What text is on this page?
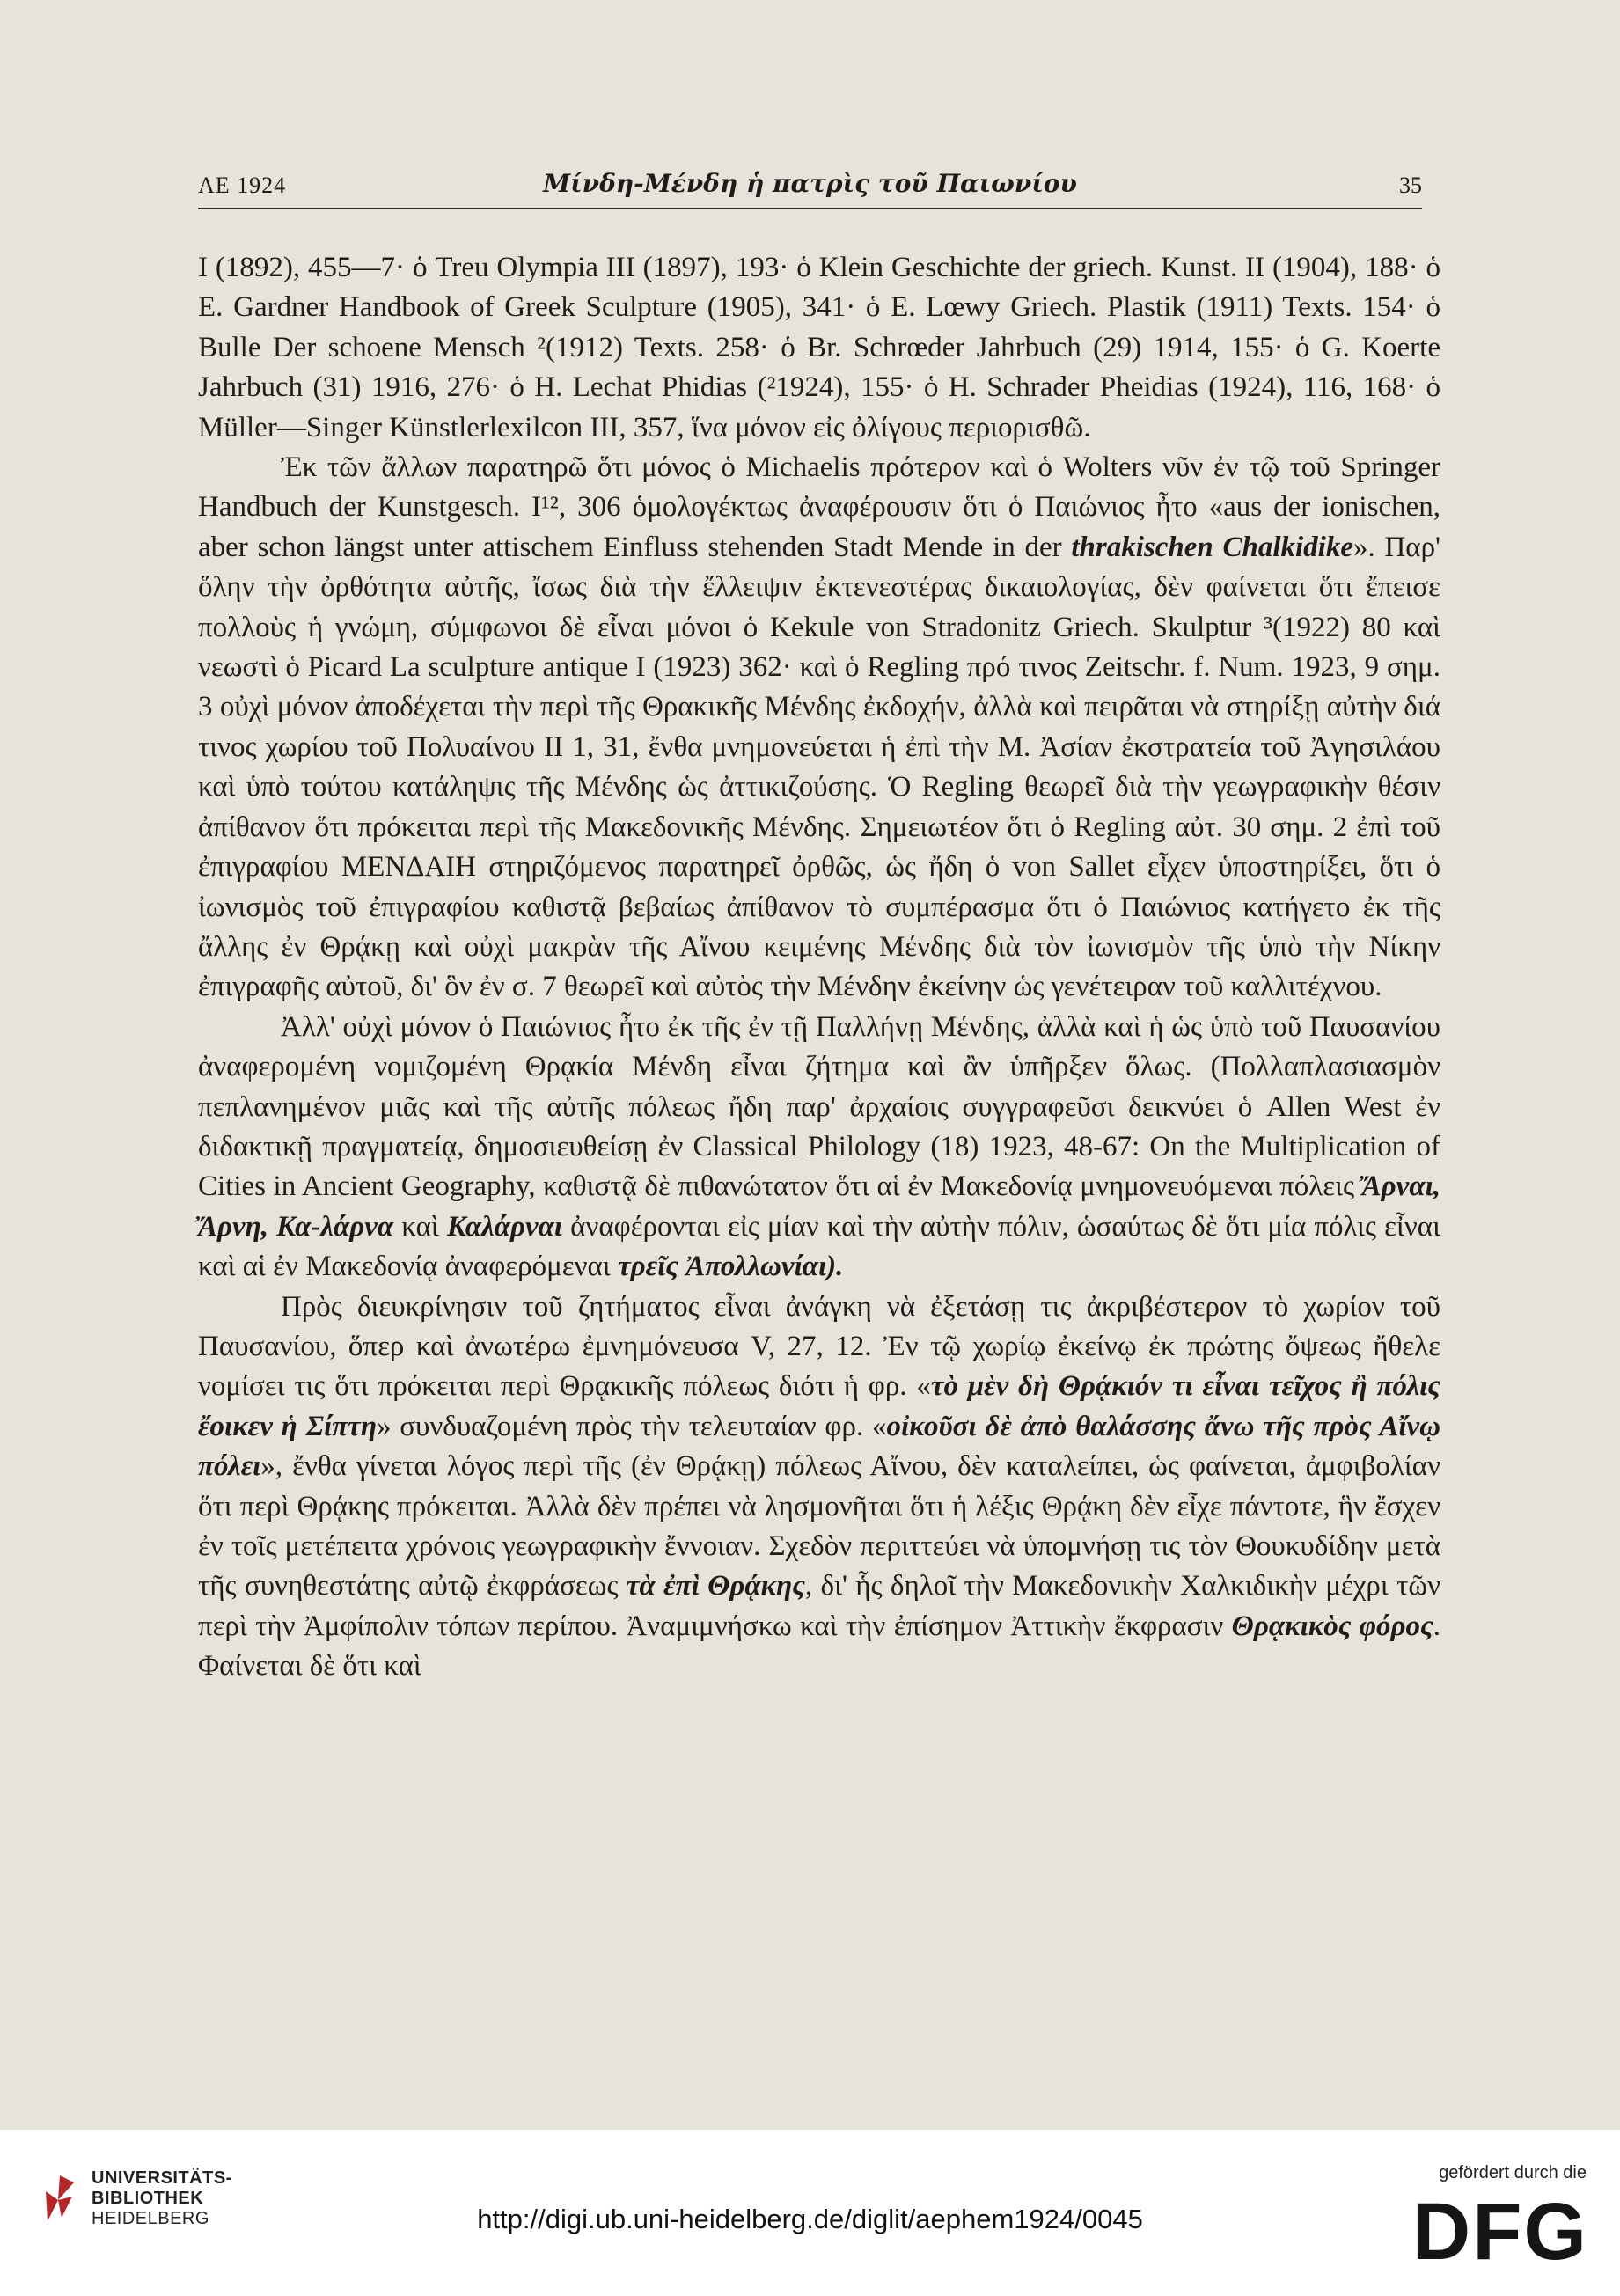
ΑΕ 1924	Μίνδη-Μένδη ἡ πατρὶς τοῦ Παιωνίου	35

I (1892), 455—7· ὁ Treu Olympia III (1897), 193· ὁ Klein Geschichte der griech. Kunst. II (1904), 188· ὁ E. Gardner Handbook of Greek Sculpture (1905), 341· ὁ E. Lœwy Griech. Plastik (1911) Texts. 154· ὁ Bulle Der schoene Mensch ²(1912) Texts. 258· ὁ Br. Schrœder Jahrbuch (29) 1914, 155· ὁ G. Koerte Jahrbuch (31) 1916, 276· ὁ H. Lechat Phidias (²1924), 155· ὁ H. Schrader Pheidias (1924), 116, 168· ὁ Müller—Singer Künstlerlexilcon III, 357, ἵνα μόνον εἰς ὀλίγους περιορισθῶ.

Ἐκ τῶν ἄλλων παρατηρῶ ὅτι μόνος ὁ Michaelis πρότερον καὶ ὁ Wolters νῦν ἐν τῷ τοῦ Springer Handbuch der Kunstgesch. I¹², 306 ὁμολογέκτως ἀναφέρουσιν ὅτι ὁ Παιώνιος ἦτο «aus der ionischen, aber schon längst unter attischem Einfluss stehenden Stadt Mende in der thrakischen Chalkidike». Παρ' ὅλην τὴν ὀρθότητα αὐτῆς, ἴσως διὰ τὴν ἔλλειψιν ἐκτενεστέρας δικαιολογίας, δὲν φαίνεται ὅτι ἔπεισε πολλοὺς ἡ γνώμη, σύμφωνοι δὲ εἶναι μόνοι ὁ Kekule von Stradonitz Griech. Skulptur ³(1922) 80 καὶ νεωστὶ ὁ Picard La sculpture antique I (1923) 362· καὶ ὁ Regling πρό τινος Zeitschr. f. Num. 1923, 9 σημ. 3 οὐχὶ μόνον ἀποδέχεται τὴν περὶ τῆς Θρακικῆς Μένδης ἐκδοχήν, ἀλλὰ καὶ πειρᾶται νὰ στηρίξῃ αὐτὴν διά τινος χωρίου τοῦ Πολυαίνου II 1, 31, ἔνθα μνημονεύεται ἡ ἐπὶ τὴν Μ. Ἀσίαν ἐκστρατεία τοῦ Ἀγησιλάου καὶ ὑπὸ τούτου κατάληψις τῆς Μένδης ὡς ἀττικιζούσης. Ὁ Regling θεωρεῖ διὰ τὴν γεωγραφικὴν θέσιν ἀπίθανον ὅτι πρόκειται περὶ τῆς Μακεδονικῆς Μένδης. Σημειωτέον ὅτι ὁ Regling αὐτ. 30 σημ. 2 ἐπὶ τοῦ ἐπιγραφίου ΜΕΝΔΑΙΗ στηριζόμενος παρατηρεῖ ὀρθῶς, ὡς ἤδη ὁ von Sallet εἶχεν ὑποστηρίξει, ὅτι ὁ ἰωνισμὸς τοῦ ἐπιγραφίου καθιστᾷ βεβαίως ἀπίθανον τὸ συμπέρασμα ὅτι ὁ Παιώνιος κατήγετο ἐκ τῆς ἄλλης ἐν Θρᾴκῃ καὶ οὐχὶ μακρὰν τῆς Αἴνου κειμένης Μένδης διὰ τὸν ἰωνισμὸν τῆς ὑπὸ τὴν Νίκην ἐπιγραφῆς αὐτοῦ, δι' ὃν ἐν σ. 7 θεωρεῖ καὶ αὐτὸς τὴν Μένδην ἐκείνην ὡς γενέτειραν τοῦ καλλιτέχνου.

Ἀλλ' οὐχὶ μόνον ὁ Παιώνιος ἦτο ἐκ τῆς ἐν τῇ Παλλήνῃ Μένδης, ἀλλὰ καὶ ἡ ὡς ὑπὸ τοῦ Παυσανίου ἀναφερομένη νομιζομένη Θρᾳκία Μένδη εἶναι ζήτημα καὶ ἂν ὑπῆρξεν ὅλως. (Πολλαπλασιασμὸν πεπλανημένον μιᾶς καὶ τῆς αὐτῆς πόλεως ἤδη παρ' ἀρχαίοις συγγραφεῦσι δεικνύει ὁ Allen West ἐν διδακτικῇ πραγματείᾳ, δημοσιευθείσῃ ἐν Classical Philology (18) 1923, 48-67: On the Multiplication of Cities in Ancient Geography, καθιστᾷ δὲ πιθανώτατον ὅτι αἱ ἐν Μακεδονίᾳ μνημονευόμεναι πόλεις Ἄρναι, Ἄρνη, Κα-λάρνα καὶ Καλάρναι ἀναφέρονται εἰς μίαν καὶ τὴν αὐτὴν πόλιν, ὡσαύτως δὲ ὅτι μία πόλις εἶναι καὶ αἱ ἐν Μακεδονίᾳ ἀναφερόμεναι τρεῖς Ἀπολλωνίαι).

Πρὸς διευκρίνησιν τοῦ ζητήματος εἶναι ἀνάγκη νὰ ἐξετάσῃ τις ἀκριβέστερον τὸ χωρίον τοῦ Παυσανίου, ὅπερ καὶ ἀνωτέρω ἐμνημόνευσα V, 27, 12. Ἐν τῷ χωρίῳ ἐκείνῳ ἐκ πρώτης ὄψεως ἤθελε νομίσει τις ὅτι πρόκειται περὶ Θρᾳκικῆς πόλεως διότι ἡ φρ. «τὸ μὲν δὴ Θρᾴκιόν τι εἶναι τεῖχος ἢ πόλις ἔοικεν ἡ Σίπτη» συνδυαζομένη πρὸς τὴν τελευταίαν φρ. «οἰκοῦσι δὲ ἀπὸ θαλάσσης ἄνω τῆς πρὸς Αἴνῳ πόλει», ἔνθα γίνεται λόγος περὶ τῆς (ἐν Θρᾴκῃ) πόλεως Αἴνου, δὲν καταλείπει, ὡς φαίνεται, ἀμφιβολίαν ὅτι περὶ Θρᾴκης πρόκειται. Ἀλλὰ δὲν πρέπει νὰ λησμονῆται ὅτι ἡ λέξις Θρᾴκη δὲν εἶχε πάντοτε, ἣν ἔσχεν ἐν τοῖς μετέπειτα χρόνοις γεωγραφικὴν ἔννοιαν. Σχεδὸν περιττεύει νὰ ὑπομνήσῃ τις τὸν Θουκυδίδην μετὰ τῆς συνηθεστάτης αὐτῷ ἐκφράσεως τὰ ἐπὶ Θρᾴκης, δι' ἧς δηλοῖ τὴν Μακεδονικὴν Χαλκιδικὴν μέχρι τῶν περὶ τὴν Ἀμφίπολιν τόπων περίπου. Ἀναμιμνήσκω καὶ τὴν ἐπίσημον Ἀττικὴν ἔκφρασιν Θρᾳκικὸς φόρος. Φαίνεται δὲ ὅτι καὶ

UNIVERSITÄTS-
BIBLIOTHEK
HEIDELBERG	http://digi.ub.uni-heidelberg.de/diglit/aephem1924/0045
gefördert durch die
DFG
